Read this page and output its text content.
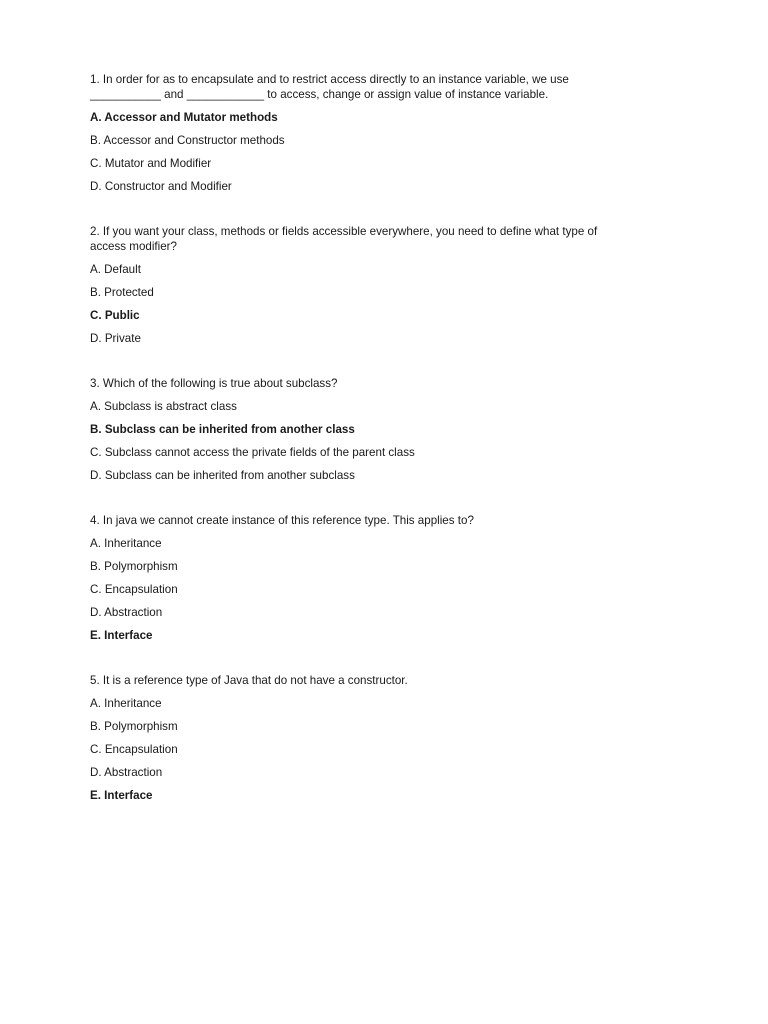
1. In order for as to encapsulate and to restrict access directly to an instance variable, we use
___________ and ____________ to access, change or assign value of instance variable.
A. Accessor and Mutator methods
B. Accessor and Constructor methods
C. Mutator and Modifier
D. Constructor and Modifier
2. If you want your class, methods or fields accessible everywhere, you need to define what type of
access modifier?
A. Default
B. Protected
C. Public
D. Private
3. Which of the following is true about subclass?
A. Subclass is abstract class
B. Subclass can be inherited from another class
C. Subclass cannot access the private fields of the parent class
D. Subclass can be inherited from another subclass
4. In java we cannot create instance of this reference type. This applies to?
A. Inheritance
B. Polymorphism
C. Encapsulation
D. Abstraction
E. Interface
5. It is a reference type of Java that do not have a constructor.
A. Inheritance
B. Polymorphism
C. Encapsulation
D. Abstraction
E. Interface
